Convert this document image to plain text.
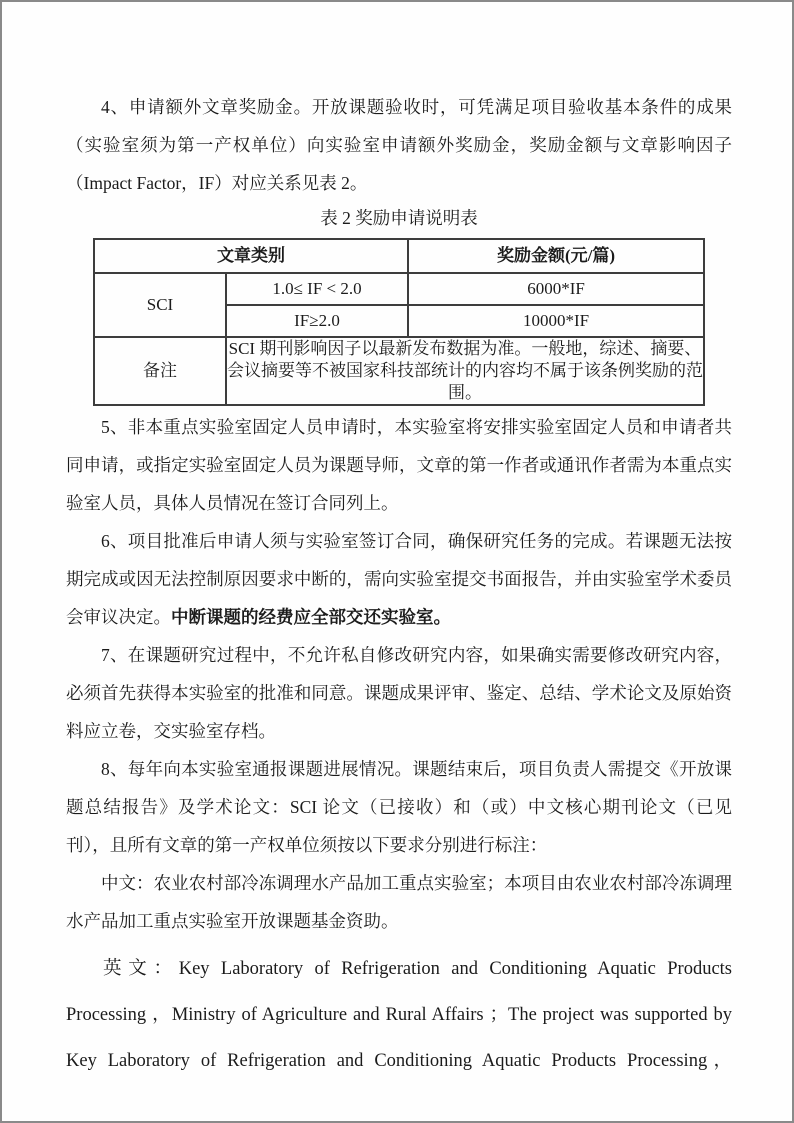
4、申请额外文章奖励金。开放课题验收时，可凭满足项目验收基本条件的成果（实验室须为第一产权单位）向实验室申请额外奖励金，奖励金额与文章影响因子（Impact Factor，IF）对应关系见表 2。

表 2 奖励申请说明表
文章类别		奖励金额(元/篇)
SCI	1.0≤ IF < 2.0	6000*IF
	IF≥2.0	10000*IF
备注	SCI 期刊影响因子以最新发布数据为准。一般地，综述、摘要、会议摘要等不被国家科技部统计的内容均不属于该条例奖励的范围。	

5、非本重点实验室固定人员申请时，本实验室将安排实验室固定人员和申请者共同申请，或指定实验室固定人员为课题导师，文章的第一作者或通讯作者需为本重点实验室人员，具体人员情况在签订合同列上。

6、项目批准后申请人须与实验室签订合同，确保研究任务的完成。若课题无法按期完成或因无法控制原因要求中断的，需向实验室提交书面报告，并由实验室学术委员会审议决定。中断课题的经费应全部交还实验室。

7、在课题研究过程中，不允许私自修改研究内容，如果确实需要修改研究内容，必须首先获得本实验室的批准和同意。课题成果评审、鉴定、总结、学术论文及原始资料应立卷，交实验室存档。

8、每年向本实验室通报课题进展情况。课题结束后，项目负责人需提交《开放课题总结报告》及学术论文：SCI 论文（已接收）和（或）中文核心期刊论文（已见刊），且所有文章的第一产权单位须按以下要求分别进行标注：

中文：农业农村部冷冻调理水产品加工重点实验室；本项目由农业农村部冷冻调理水产品加工重点实验室开放课题基金资助。

英文：Key Laboratory of Refrigeration and Conditioning Aquatic Products Processing ，Ministry of Agriculture and Rural Affairs ；The project was supported by Key Laboratory of Refrigeration and Conditioning Aquatic Products Processing，
